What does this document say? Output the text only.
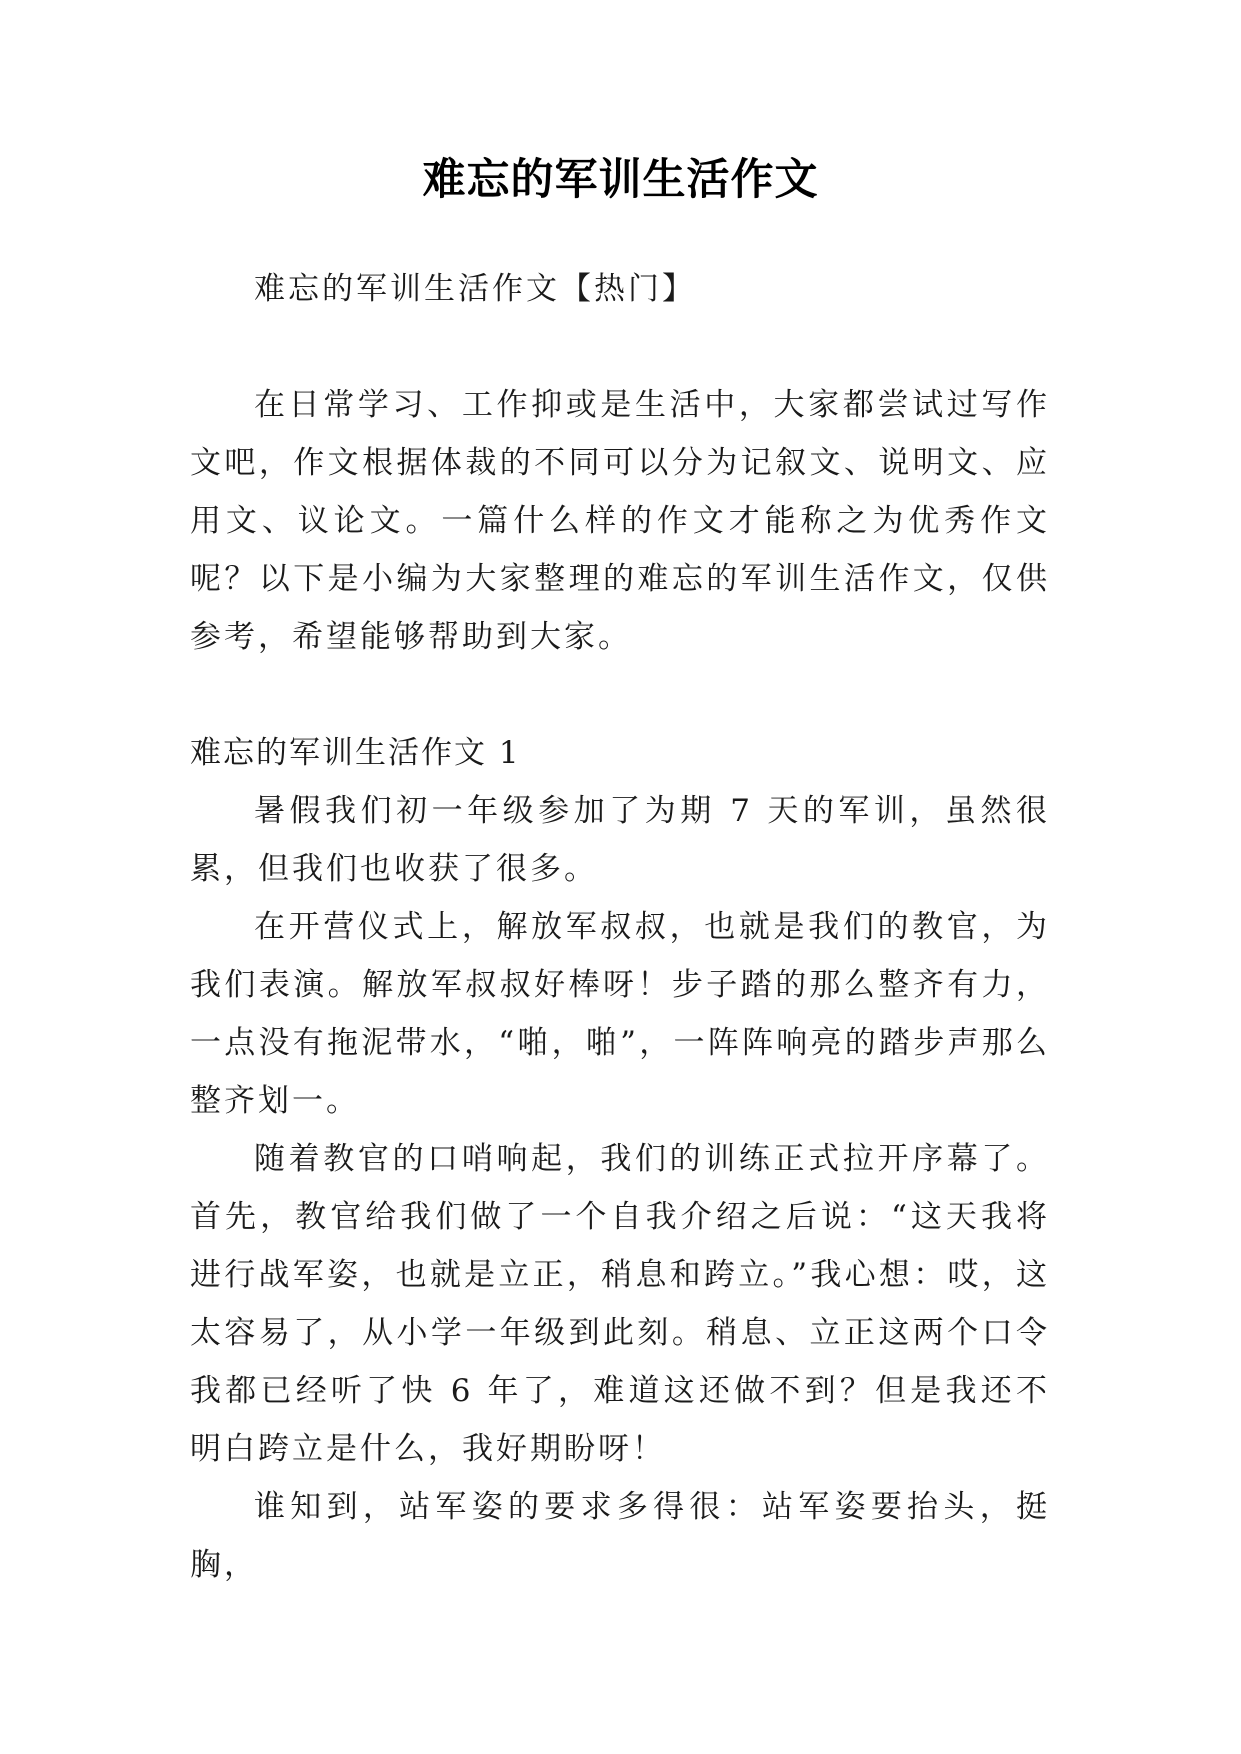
难忘的军训生活作文

难忘的军训生活作文【热门】

在日常学习、工作抑或是生活中，大家都尝试过写作文吧，作文根据体裁的不同可以分为记叙文、说明文、应用文、议论文。一篇什么样的作文才能称之为优秀作文呢？以下是小编为大家整理的难忘的军训生活作文，仅供参考，希望能够帮助到大家。

难忘的军训生活作文 1

暑假我们初一年级参加了为期 7 天的军训，虽然很累，但我们也收获了很多。

在开营仪式上，解放军叔叔，也就是我们的教官，为我们表演。解放军叔叔好棒呀！步子踏的那么整齐有力，一点没有拖泥带水，“啪，啪”，一阵阵响亮的踏步声那么整齐划一。

随着教官的口哨响起，我们的训练正式拉开序幕了。首先，教官给我们做了一个自我介绍之后说：“这天我将进行战军姿，也就是立正，稍息和跨立。”我心想：哎，这太容易了，从小学一年级到此刻。稍息、立正这两个口令我都已经听了快 6 年了，难道这还做不到？但是我还不明白跨立是什么，我好期盼呀！

谁知到，站军姿的要求多得很：站军姿要抬头，挺胸，
